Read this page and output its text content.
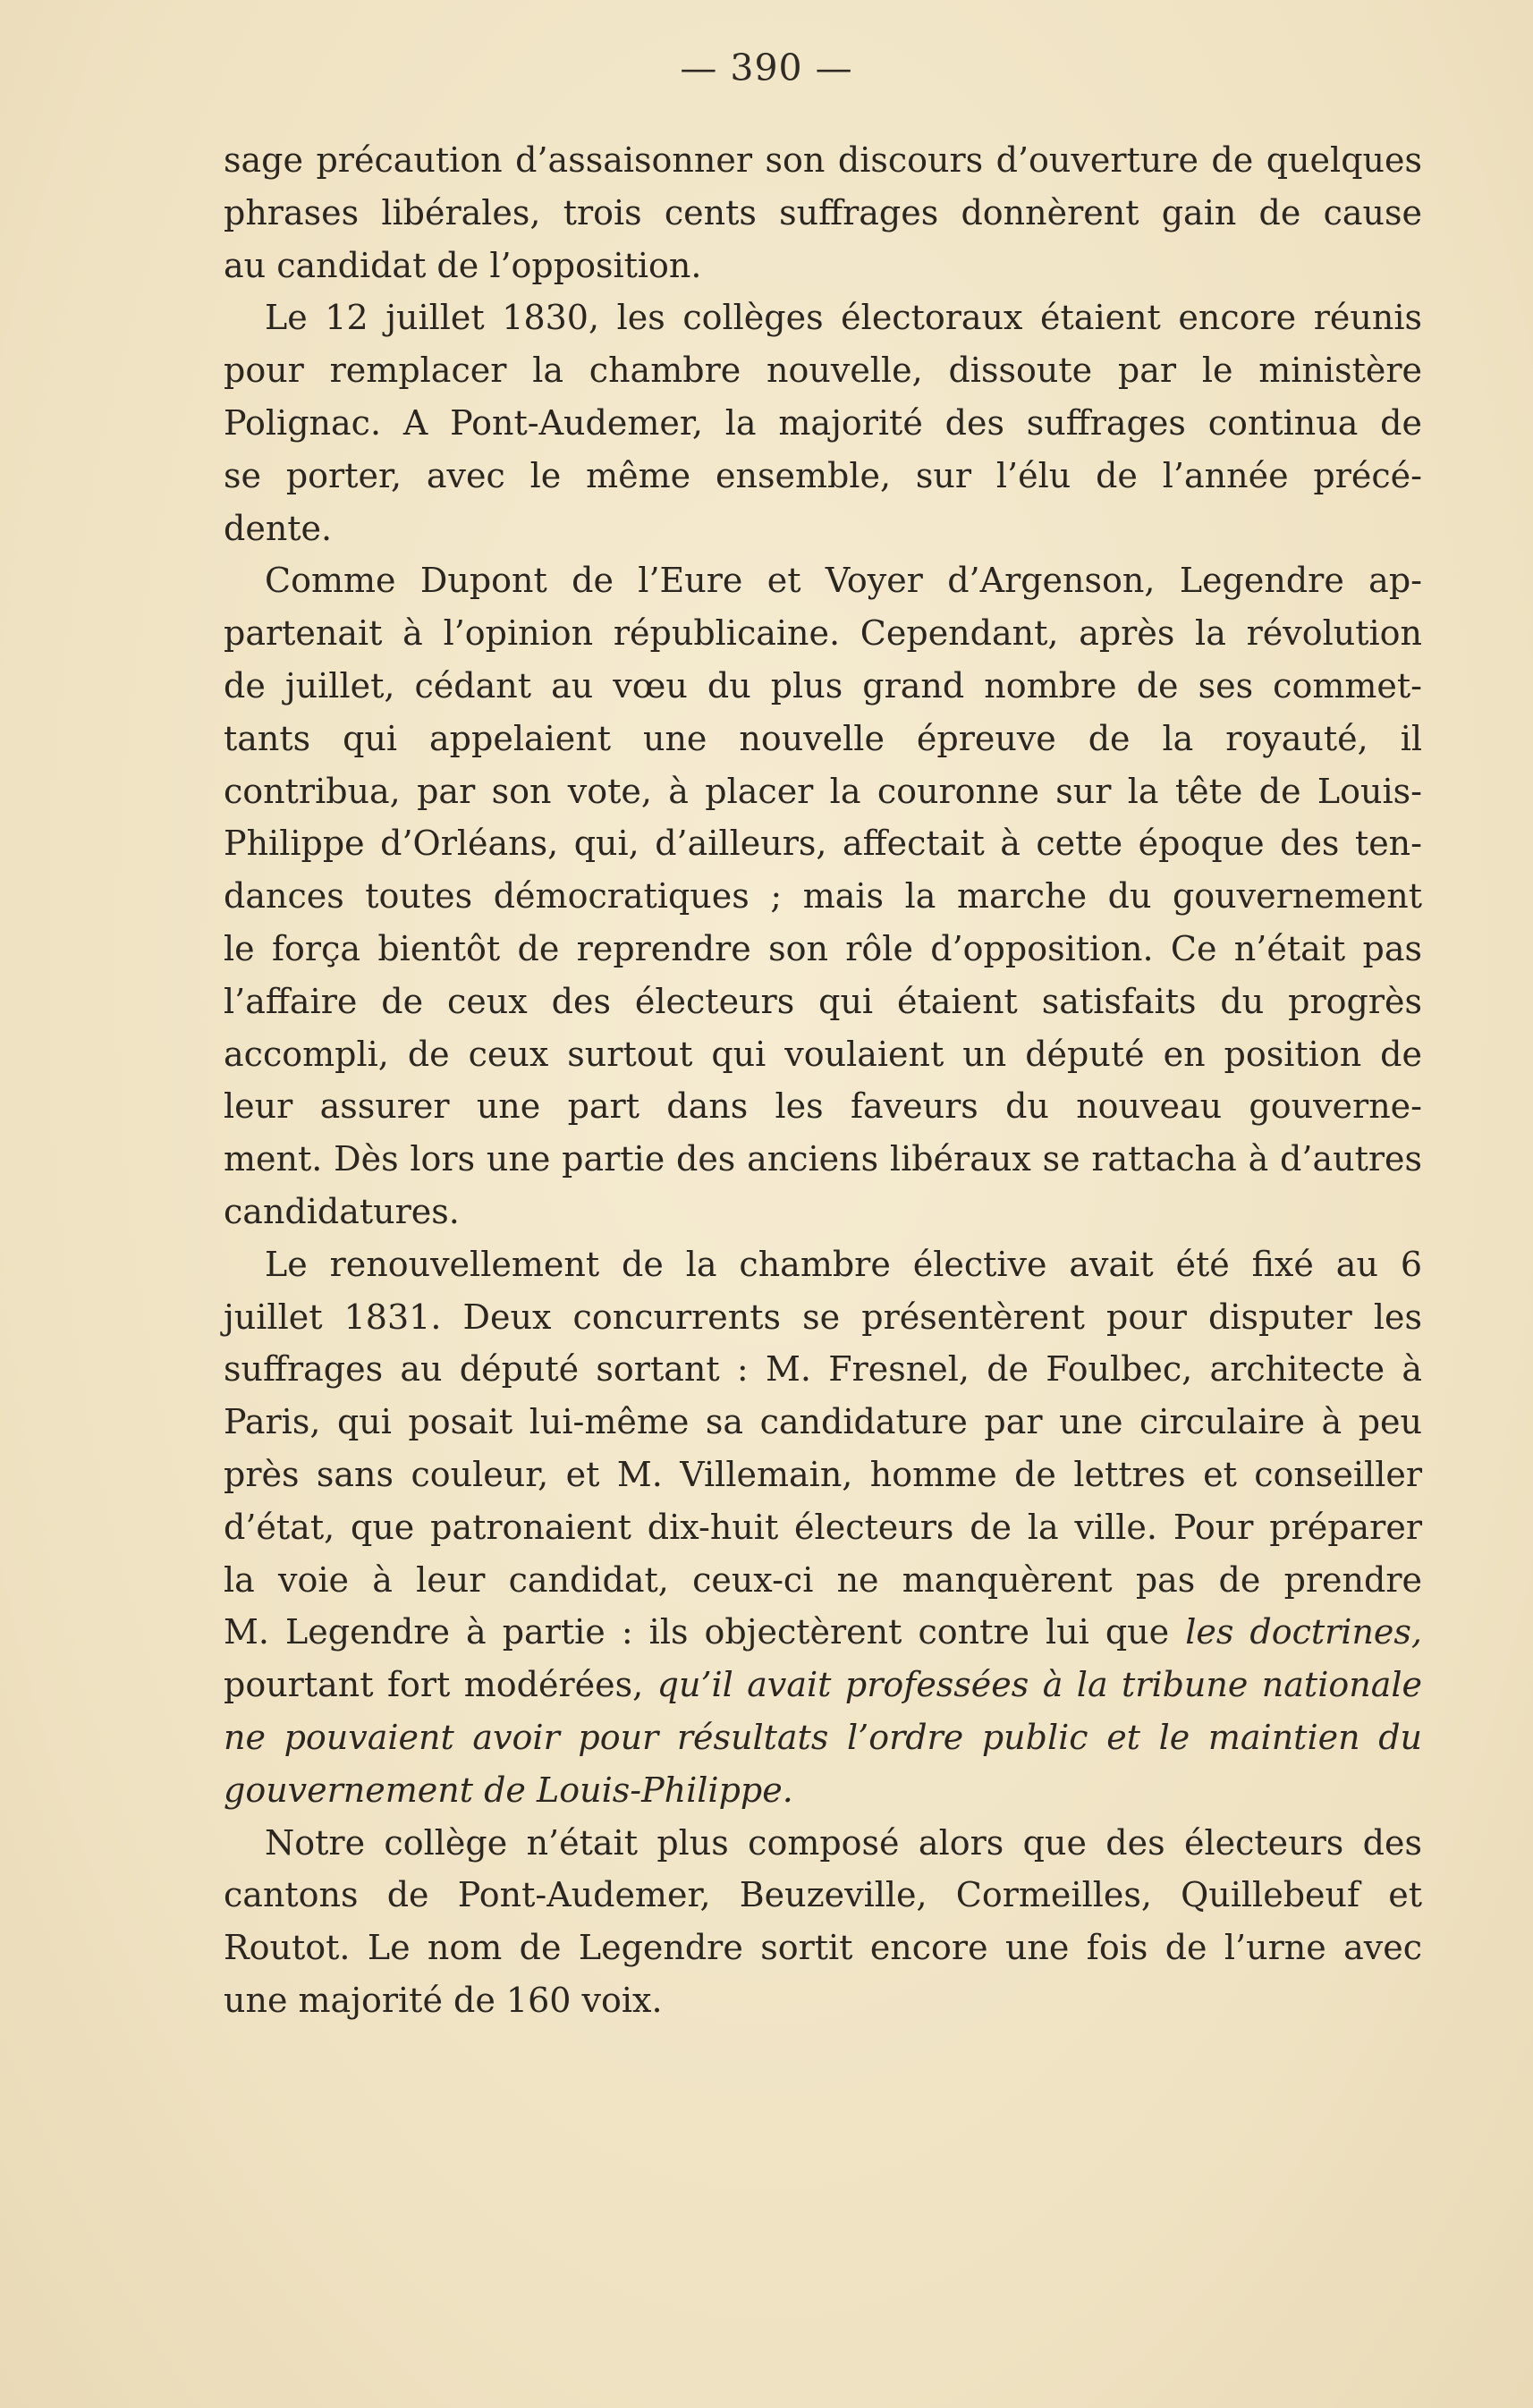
— 390 —
sage précaution d’assaisonner son discours d’ouverture de quelques
phrases libérales, trois cents suffrages donnèrent gain de cause
au candidat de l’opposition.
Le 12 juillet 1830, les collèges électoraux étaient encore réunis
pour remplacer la chambre nouvelle, dissoute par le ministère
Polignac. A Pont-Audemer, la majorité des suffrages continua de
se porter, avec le même ensemble, sur l’élu de l’année précé-
dente.
Comme Dupont de l’Eure et Voyer d’Argenson, Legendre ap-
partenait à l’opinion républicaine. Cependant, après la révolution
de juillet, cédant au vœu du plus grand nombre de ses commet-
tants qui appelaient une nouvelle épreuve de la royauté, il
contribua, par son vote, à placer la couronne sur la tête de Louis-
Philippe d’Orléans, qui, d’ailleurs, affectait à cette époque des ten-
dances toutes démocratiques ; mais la marche du gouvernement
le força bientôt de reprendre son rôle d’opposition. Ce n’était pas
l’affaire de ceux des électeurs qui étaient satisfaits du progrès
accompli, de ceux surtout qui voulaient un député en position de
leur assurer une part dans les faveurs du nouveau gouverne-
ment. Dès lors une partie des anciens libéraux se rattacha à d’autres
candidatures.
Le renouvellement de la chambre élective avait été fixé au 6
juillet 1831. Deux concurrents se présentèrent pour disputer les
suffrages au député sortant : M. Fresnel, de Foulbec, architecte à
Paris, qui posait lui-même sa candidature par une circulaire à peu
près sans couleur, et M. Villemain, homme de lettres et conseiller
d’état, que patronaient dix-huit électeurs de la ville. Pour préparer
la voie à leur candidat, ceux-ci ne manquèrent pas de prendre
M. Legendre à partie : ils objectèrent contre lui que les doctrines,
pourtant fort modérées, qu’il avait professées à la tribune nationale
ne pouvaient avoir pour résultats l’ordre public et le maintien du
gouvernement de Louis-Philippe.
Notre collège n’était plus composé alors que des électeurs des
cantons de Pont-Audemer, Beuzeville, Cormeilles, Quillebeuf et
Routot. Le nom de Legendre sortit encore une fois de l’urne avec
une majorité de 160 voix.
